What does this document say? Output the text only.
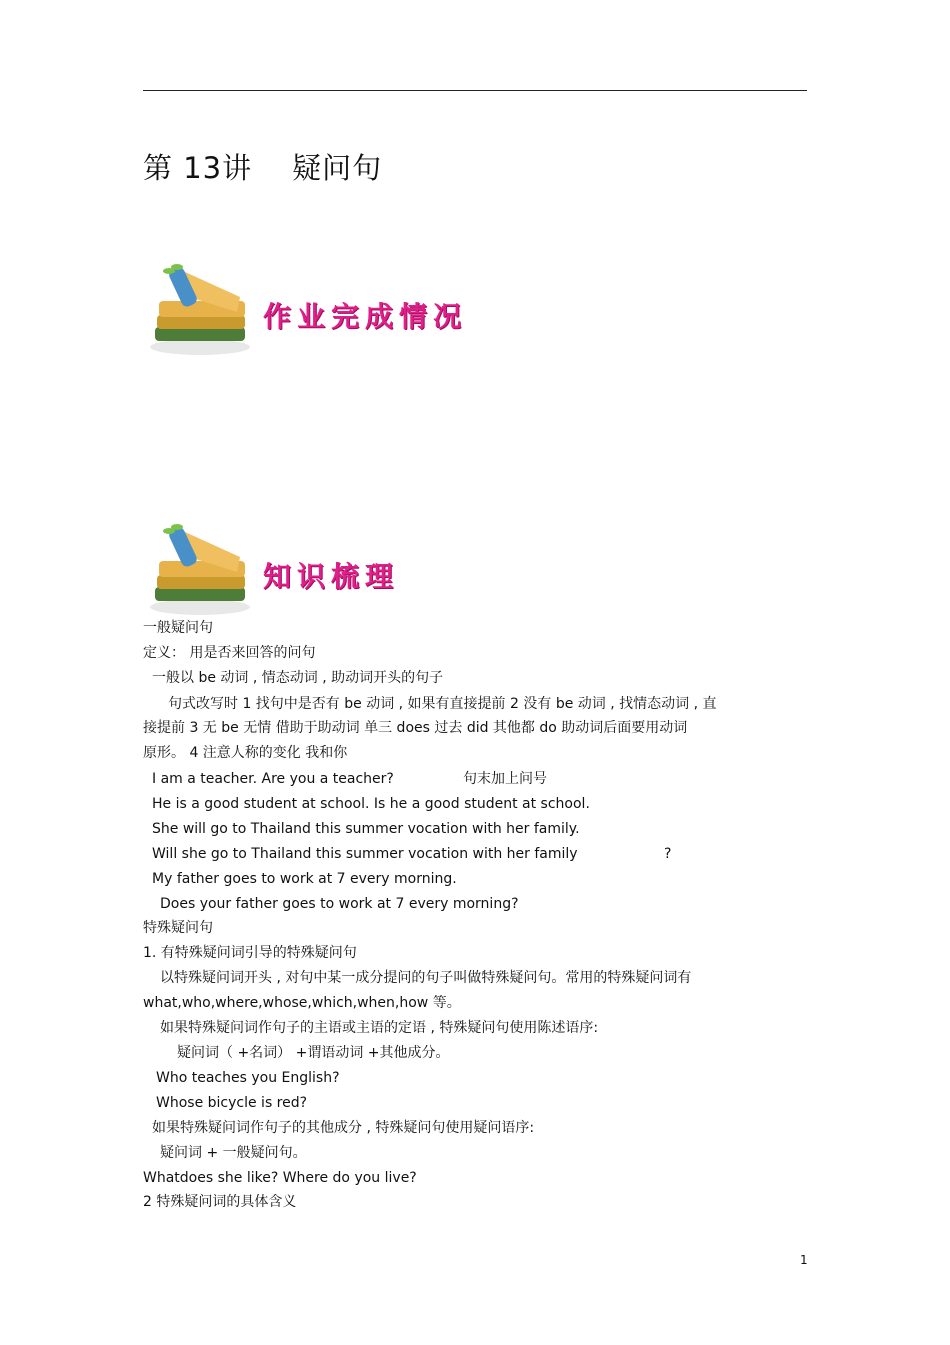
第 13讲 疑问句
作业完成情况
知识梳理
一般疑问句
定义： 用是否来回答的问句
一般以 be 动词 , 情态动词 , 助动词开头的句子
句式改写时 1 找句中是否有 be 动词 , 如果有直接提前 2 没有 be 动词 , 找情态动词 , 直
接提前 3 无 be 无情 借助于助动词 单三 does 过去 did 其他都 do 助动词后面要用动词
原形。 4 注意人称的变化 我和你
I am a teacher. Are you a teacher?	句末加上问号
He is a good student at school. Is he a good student at school.
She will go to Thailand this summer vocation with her family.
Will she go to Thailand this summer vocation with her family	?
My father goes to work at 7 every morning.
Does your father goes to work at 7 every morning?
特殊疑问句
1. 有特殊疑问词引导的特殊疑问句
以特殊疑问词开头 , 对句中某一成分提问的句子叫做特殊疑问句。常用的特殊疑问词有
what,who,where,whose,which,when,how 等。
如果特殊疑问词作句子的主语或主语的定语 , 特殊疑问句使用陈述语序:
疑问词（ +名词） +谓语动词 +其他成分。
Who teaches you English?
Whose bicycle is red?
如果特殊疑问词作句子的其他成分 , 特殊疑问句使用疑问语序:
疑问词 + 一般疑问句。
Whatdoes she like? Where do you live?
2 特殊疑问词的具体含义
1
